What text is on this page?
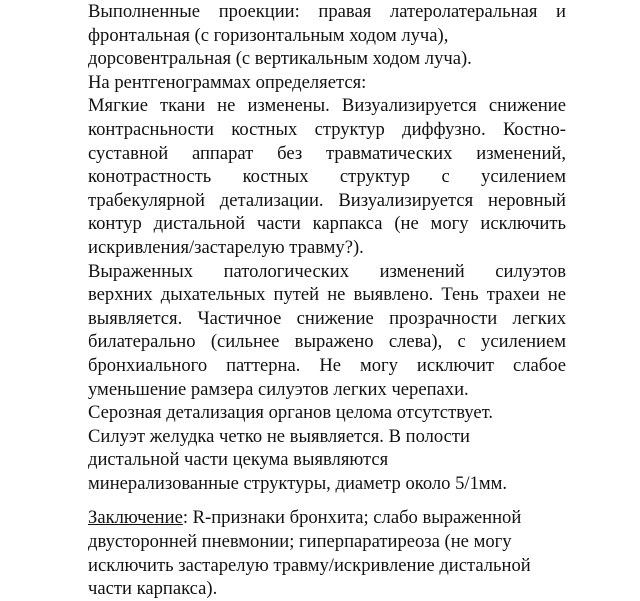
Выполненные проекции: правая латеролатеральная и
фронтальная (с горизонтальным ходом луча),
дорсовентральная (с вертикальным ходом луча).
На рентгенограммах определяется:
Мягкие ткани не изменены. Визуализируется снижение
контрасньности костных структур диффузно. Костно-
суставной аппарат без травматических изменений,
конотрастность костных структур с усилением
трабекулярной детализации. Визуализируется неровный
контур дистальной части карпакса (не могу исключить
искривления/застарелую травму?).
Выраженных патологических изменений силуэтов
верхних дыхательных путей не выявлено. Тень трахеи не
выявляется. Частичное снижение прозрачности легких
билатерально (сильнее выражено слева), с усилением
бронхиального паттерна. Не могу исключит слабое
уменьшение рамзера силуэтов легких черепахи.
Серозная детализация органов целома отсутствует.
Силуэт желудка четко не выявляется. В полости
дистальной части цекума выявляются
минерализованные структуры, диаметр около 5/1мм.
Заключение: R-признаки бронхита; слабо выраженной
двусторонней пневмонии; гиперпаратиреоза (не могу
исключить застарелую травму/искривление дистальной
части карпакса).
